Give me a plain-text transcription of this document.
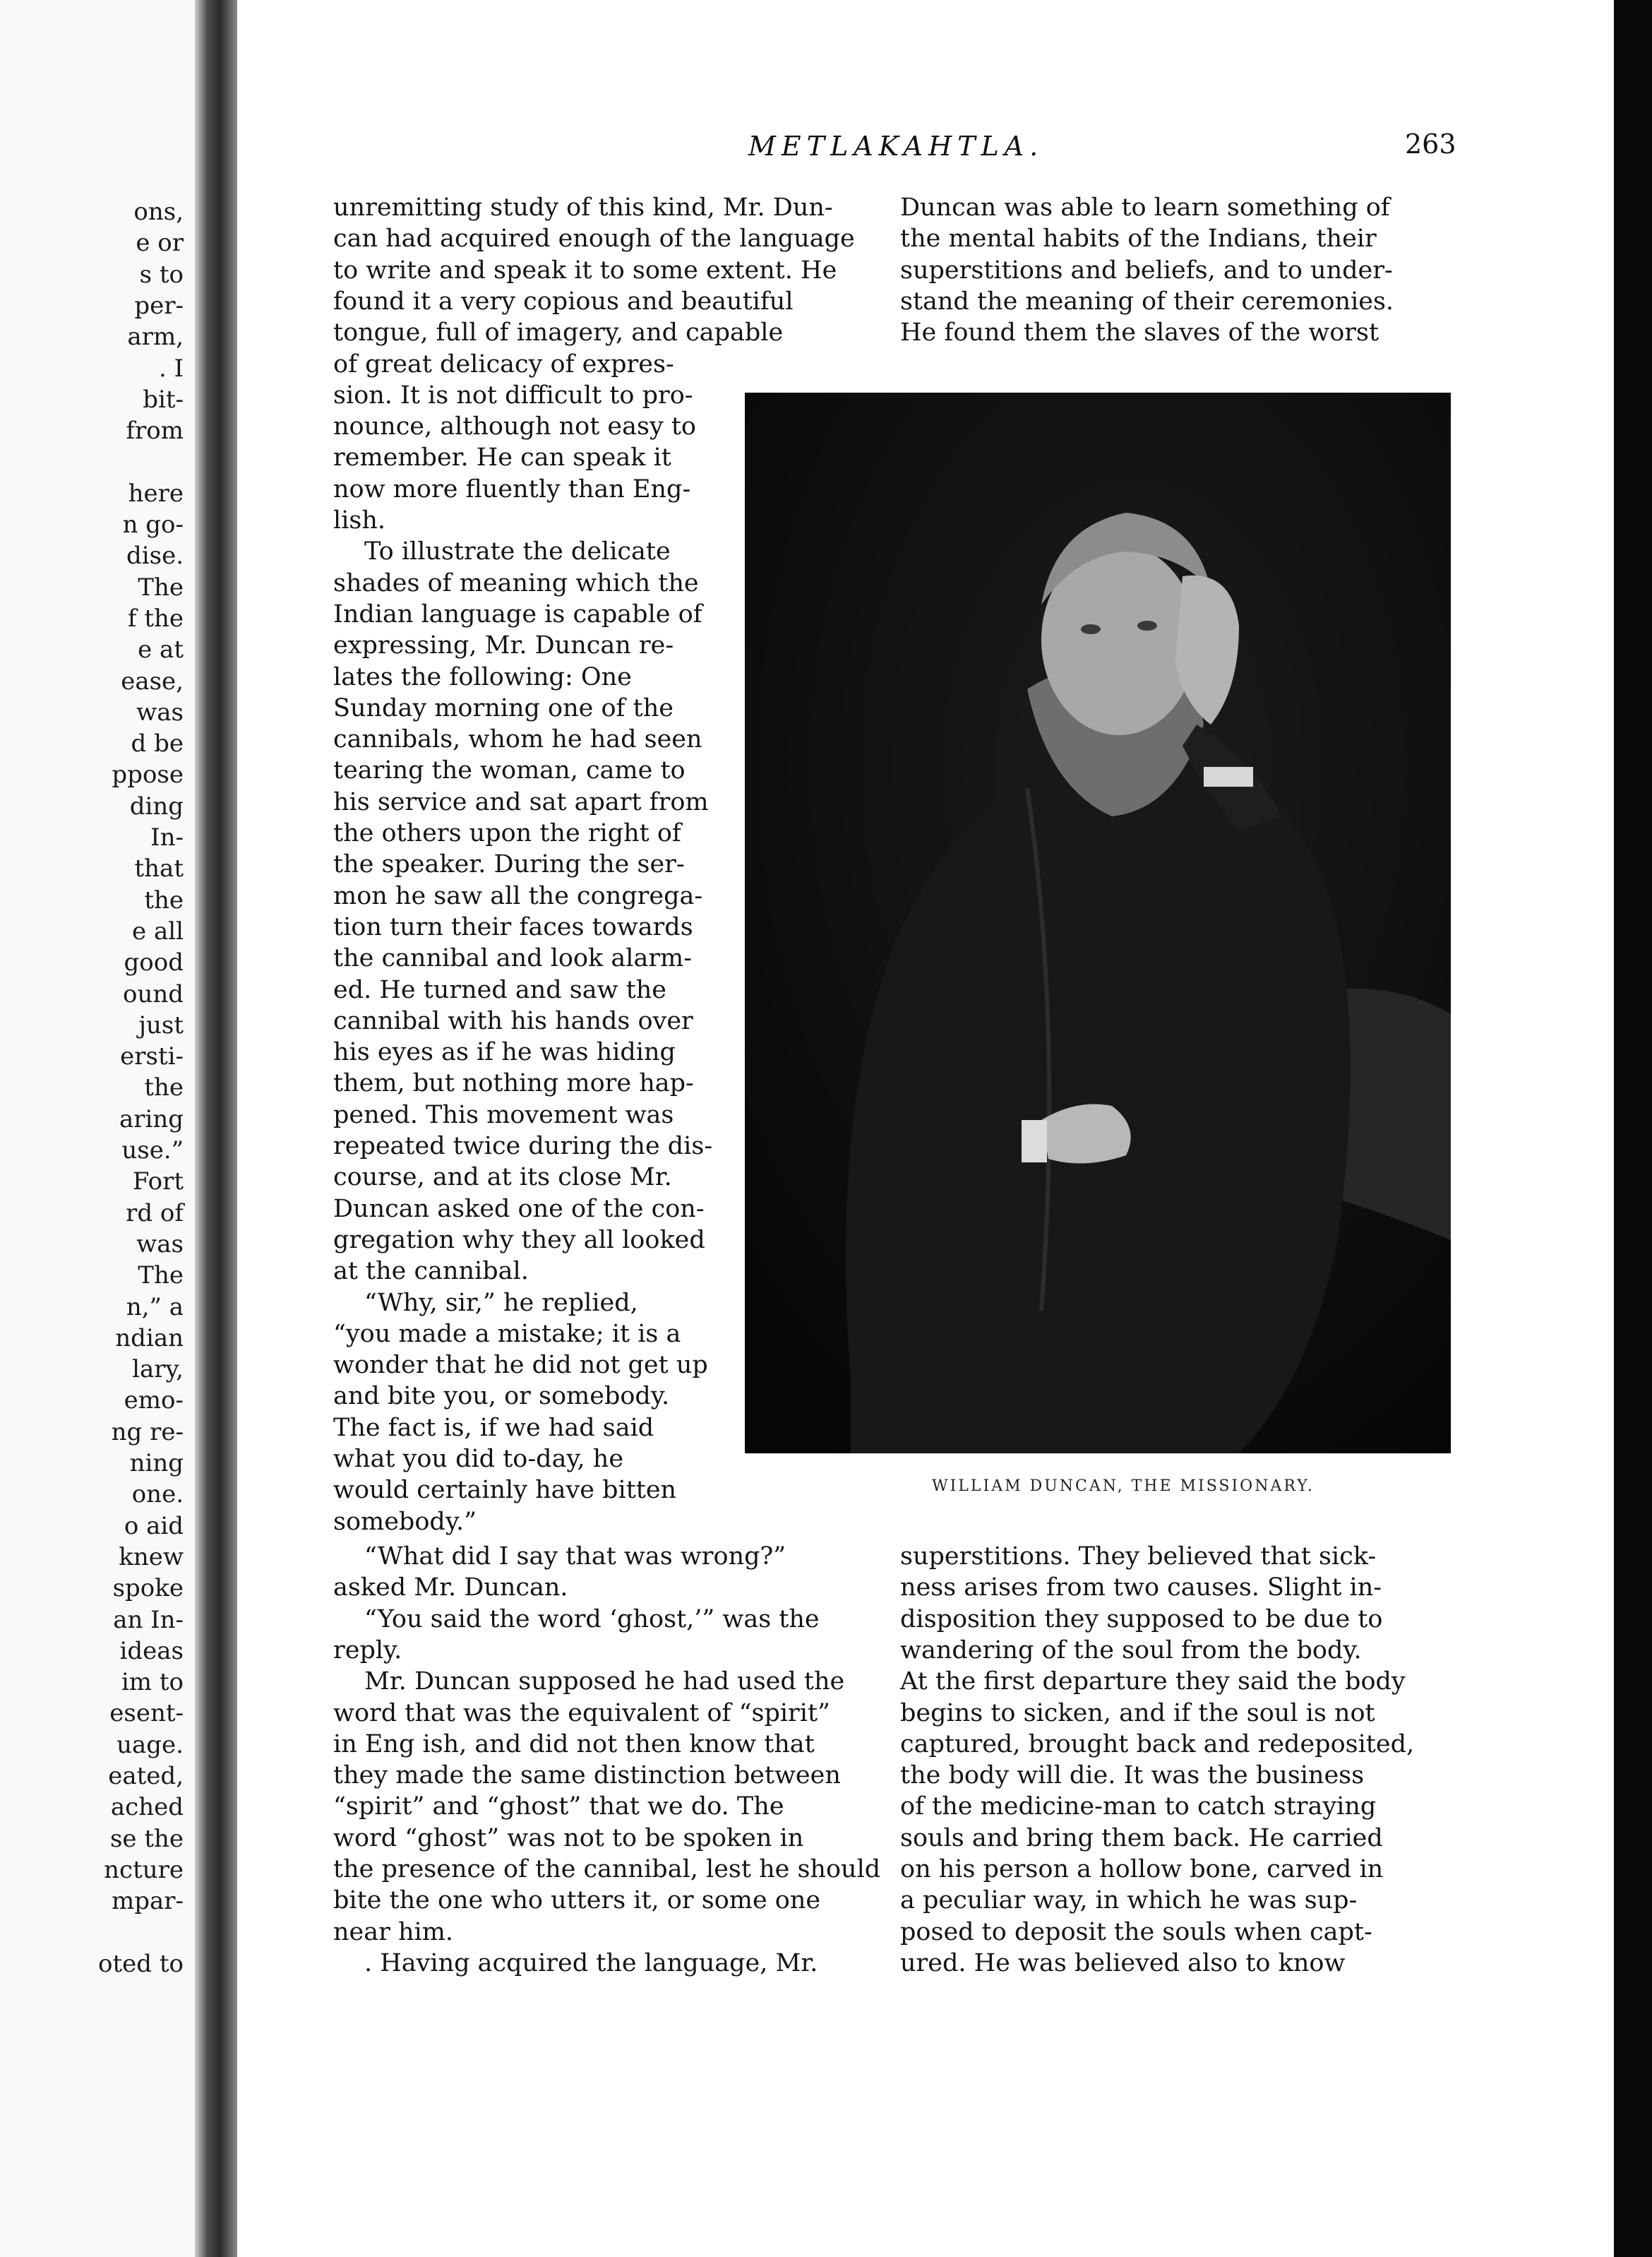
ons,
e or
s to
per-
arm,
. I
bit-
from
here
n go-
dise.
The
f the
e at
ease,
was
d be
ppose
ding
In-
that
the
e all
good
ound
just
ersti-
the
aring
use.”
Fort
rd of
was
The
n,” a
ndian
lary,
emo-
ng re-
ning
one.
o aid
knew
spoke
an In-
ideas
im to
esent-
uage.
eated,
ached
se the
ncture
mpar-
oted to
METLAKAHTLA.	263
unremitting study of this kind, Mr. Dun-
can had acquired enough of the language
to write and speak it to some extent. He
found it a very copious and beautiful
tongue, full of imagery, and capable
of great delicacy of expres-
sion. It is not difficult to pro-
nounce, although not easy to
remember. He can speak it
now more fluently than Eng-
lish.
To illustrate the delicate
shades of meaning which the
Indian language is capable of
expressing, Mr. Duncan re-
lates the following: One
Sunday morning one of the
cannibals, whom he had seen
tearing the woman, came to
his service and sat apart from
the others upon the right of
the speaker. During the ser-
mon he saw all the congrega-
tion turn their faces towards
the cannibal and look alarm-
ed. He turned and saw the
cannibal with his hands over
his eyes as if he was hiding
them, but nothing more hap-
pened. This movement was
repeated twice during the dis-
course, and at its close Mr.
Duncan asked one of the con-
gregation why they all looked
at the cannibal.
“Why, sir,” he replied,
“you made a mistake; it is a
wonder that he did not get up
and bite you, or somebody.
The fact is, if we had said
what you did to-day, he
would certainly have bitten
somebody.”
“What did I say that was wrong?”
asked Mr. Duncan.
“You said the word ‘ghost,’” was the
reply.
Mr. Duncan supposed he had used the
word that was the equivalent of “spirit”
in Eng ish, and did not then know that
they made the same distinction between
“spirit” and “ghost” that we do. The
word “ghost” was not to be spoken in
the presence of the cannibal, lest he should
bite the one who utters it, or some one
near him.
. Having acquired the language, Mr.
Duncan was able to learn something of
the mental habits of the Indians, their
superstitions and beliefs, and to under-
stand the meaning of their ceremonies.
He found them the slaves of the worst
superstitions. They believed that sick-
ness arises from two causes. Slight in-
disposition they supposed to be due to
wandering of the soul from the body.
At the first departure they said the body
begins to sicken, and if the soul is not
captured, brought back and redeposited,
the body will die. It was the business
of the medicine-man to catch straying
souls and bring them back. He carried
on his person a hollow bone, carved in
a peculiar way, in which he was sup-
posed to deposit the souls when capt-
ured. He was believed also to know
WILLIAM DUNCAN, THE MISSIONARY.
